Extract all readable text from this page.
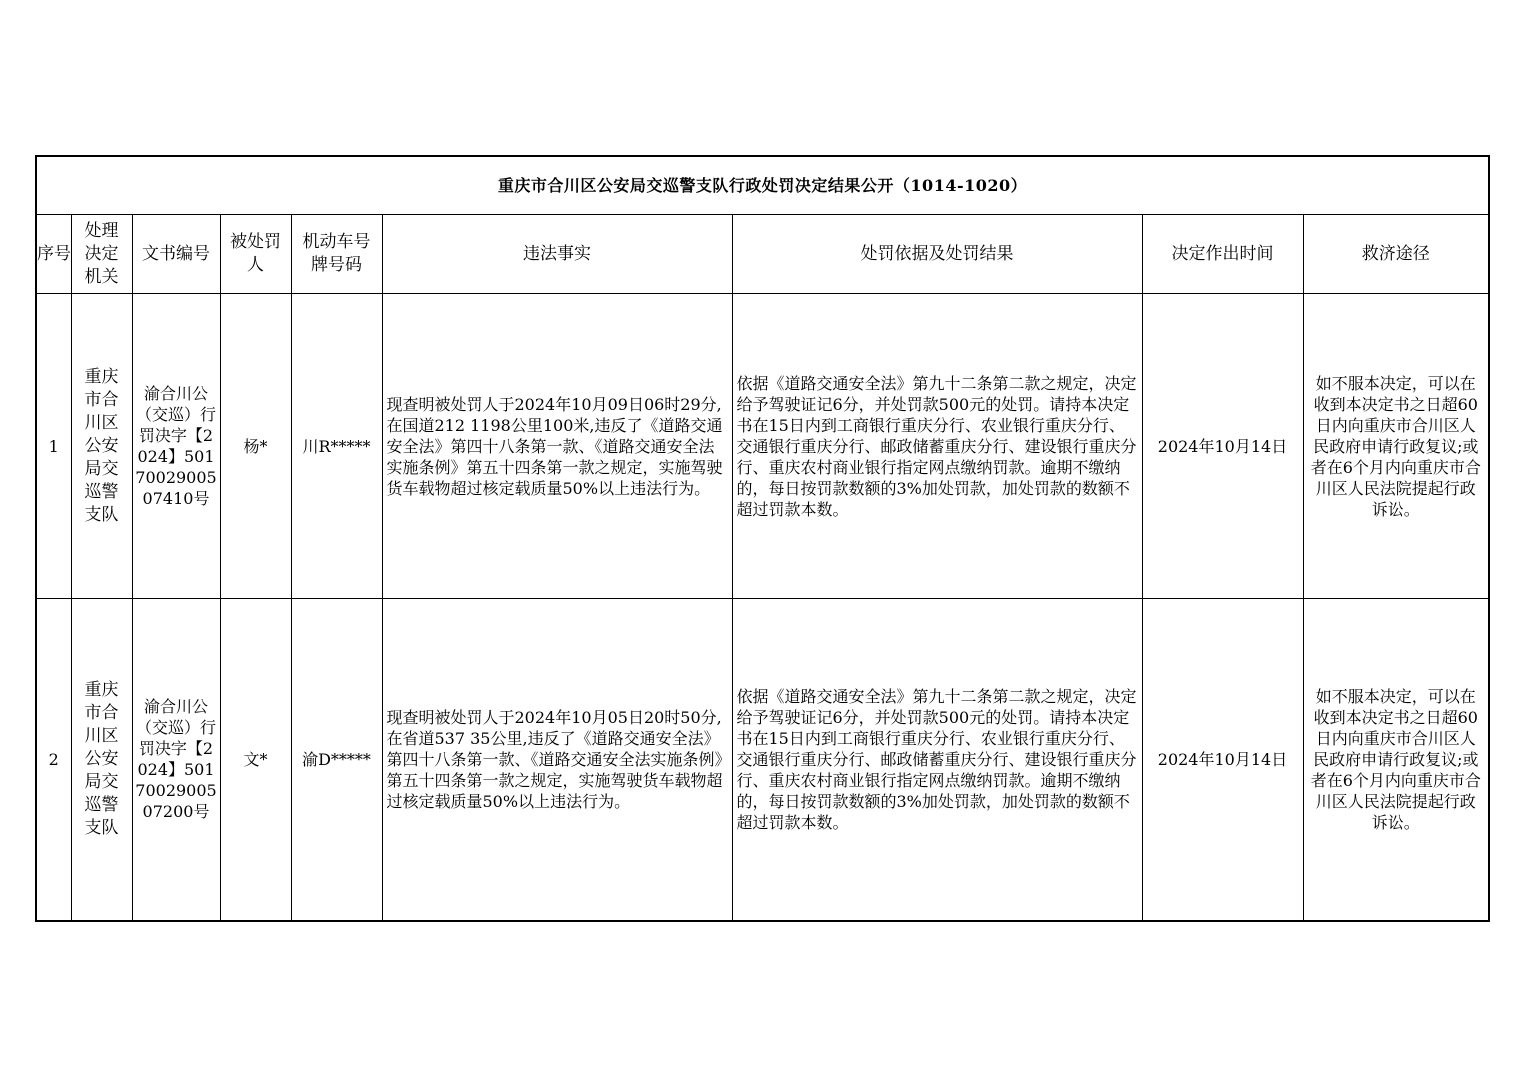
重庆市合川区公安局交巡警支队行政处罚决定结果公开（1014-1020）								

序号	处理决定机关	文书编号	被处罚人	机动车号牌号码	违法事实	处罚依据及处罚结果	决定作出时间	救济途径
1	重庆市合川区公安局交巡警支队	渝合川公（交巡）行罚决字【2024】5017002900507410号	杨*	川R*****	现查明被处罚人于2024年10月09日06时29分,在国道212 1198公里100米,违反了《道路交通安全法》第四十八条第一款、《道路交通安全法实施条例》第五十四条第一款之规定，实施驾驶货车载物超过核定载质量50%以上违法行为。	依据《道路交通安全法》第九十二条第二款之规定，决定给予驾驶证记6分，并处罚款500元的处罚。请持本决定书在15日内到工商银行重庆分行、农业银行重庆分行、交通银行重庆分行、邮政储蓄重庆分行、建设银行重庆分行、重庆农村商业银行指定网点缴纳罚款。逾期不缴纳的，每日按罚款数额的3%加处罚款，加处罚款的数额不超过罚款本数。	2024年10月14日	如不服本决定，可以在收到本决定书之日超60日内向重庆市合川区人民政府申请行政复议;或者在6个月内向重庆市合川区人民法院提起行政诉讼。
2	重庆市合川区公安局交巡警支队	渝合川公（交巡）行罚决字【2024】5017002900507200号	文*	渝D*****	现查明被处罚人于2024年10月05日20时50分,在省道537 35公里,违反了《道路交通安全法》第四十八条第一款、《道路交通安全法实施条例》第五十四条第一款之规定，实施驾驶货车载物超过核定载质量50%以上违法行为。	依据《道路交通安全法》第九十二条第二款之规定，决定给予驾驶证记6分，并处罚款500元的处罚。请持本决定书在15日内到工商银行重庆分行、农业银行重庆分行、交通银行重庆分行、邮政储蓄重庆分行、建设银行重庆分行、重庆农村商业银行指定网点缴纳罚款。逾期不缴纳的，每日按罚款数额的3%加处罚款，加处罚款的数额不超过罚款本数。	2024年10月14日	如不服本决定，可以在收到本决定书之日超60日内向重庆市合川区人民政府申请行政复议;或者在6个月内向重庆市合川区人民法院提起行政诉讼。
